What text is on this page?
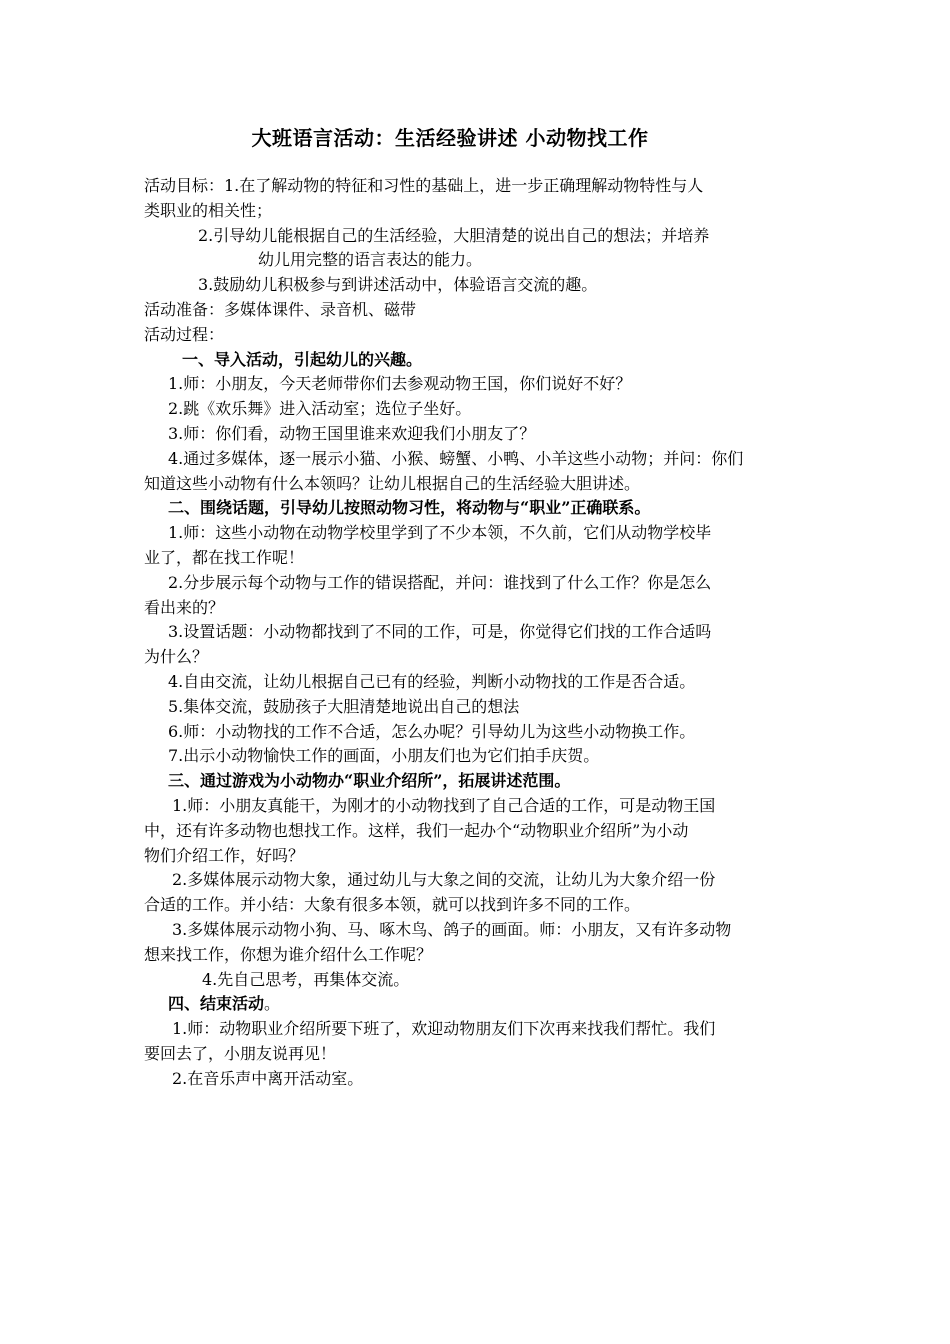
大班语言活动：生活经验讲述 小动物找工作

活动目标：1.在了解动物的特征和习性的基础上，进一步正确理解动物特性与人

类职业的相关性；

2.引导幼儿能根据自己的生活经验，大胆清楚的说出自己的想法；并培养

幼儿用完整的语言表达的能力。

3.鼓励幼儿积极参与到讲述活动中，体验语言交流的趣。

活动准备：多媒体课件、录音机、磁带

活动过程：

一、导入活动，引起幼儿的兴趣。

1.师：小朋友，今天老师带你们去参观动物王国，你们说好不好？

2.跳《欢乐舞》进入活动室；选位子坐好。

3.师：你们看，动物王国里谁来欢迎我们小朋友了？

4.通过多媒体，逐一展示小猫、小猴、螃蟹、小鸭、小羊这些小动物；并问：你们

知道这些小动物有什么本领吗？让幼儿根据自己的生活经验大胆讲述。

二、围绕话题，引导幼儿按照动物习性，将动物与“职业”正确联系。

1.师：这些小动物在动物学校里学到了不少本领，不久前，它们从动物学校毕

业了，都在找工作呢！

2.分步展示每个动物与工作的错误搭配，并问：谁找到了什么工作？你是怎么

看出来的？

3.设置话题：小动物都找到了不同的工作，可是，你觉得它们找的工作合适吗

为什么？

4.自由交流，让幼儿根据自己已有的经验，判断小动物找的工作是否合适。

5.集体交流，鼓励孩子大胆清楚地说出自己的想法

6.师：小动物找的工作不合适，怎么办呢？引导幼儿为这些小动物换工作。

7.出示小动物愉快工作的画面，小朋友们也为它们拍手庆贺。

三、通过游戏为小动物办“职业介绍所”，拓展讲述范围。

1.师：小朋友真能干，为刚才的小动物找到了自己合适的工作，可是动物王国

中，还有许多动物也想找工作。这样，我们一起办个“动物职业介绍所”为小动

物们介绍工作，好吗？

2.多媒体展示动物大象，通过幼儿与大象之间的交流，让幼儿为大象介绍一份

合适的工作。并小结：大象有很多本领，就可以找到许多不同的工作。

3.多媒体展示动物小狗、马、啄木鸟、鸽子的画面。师：小朋友，又有许多动物

想来找工作，你想为谁介绍什么工作呢？

4.先自己思考，再集体交流。

四、结束活动。

1.师：动物职业介绍所要下班了，欢迎动物朋友们下次再来找我们帮忙。我们

要回去了，小朋友说再见！

2.在音乐声中离开活动室。
